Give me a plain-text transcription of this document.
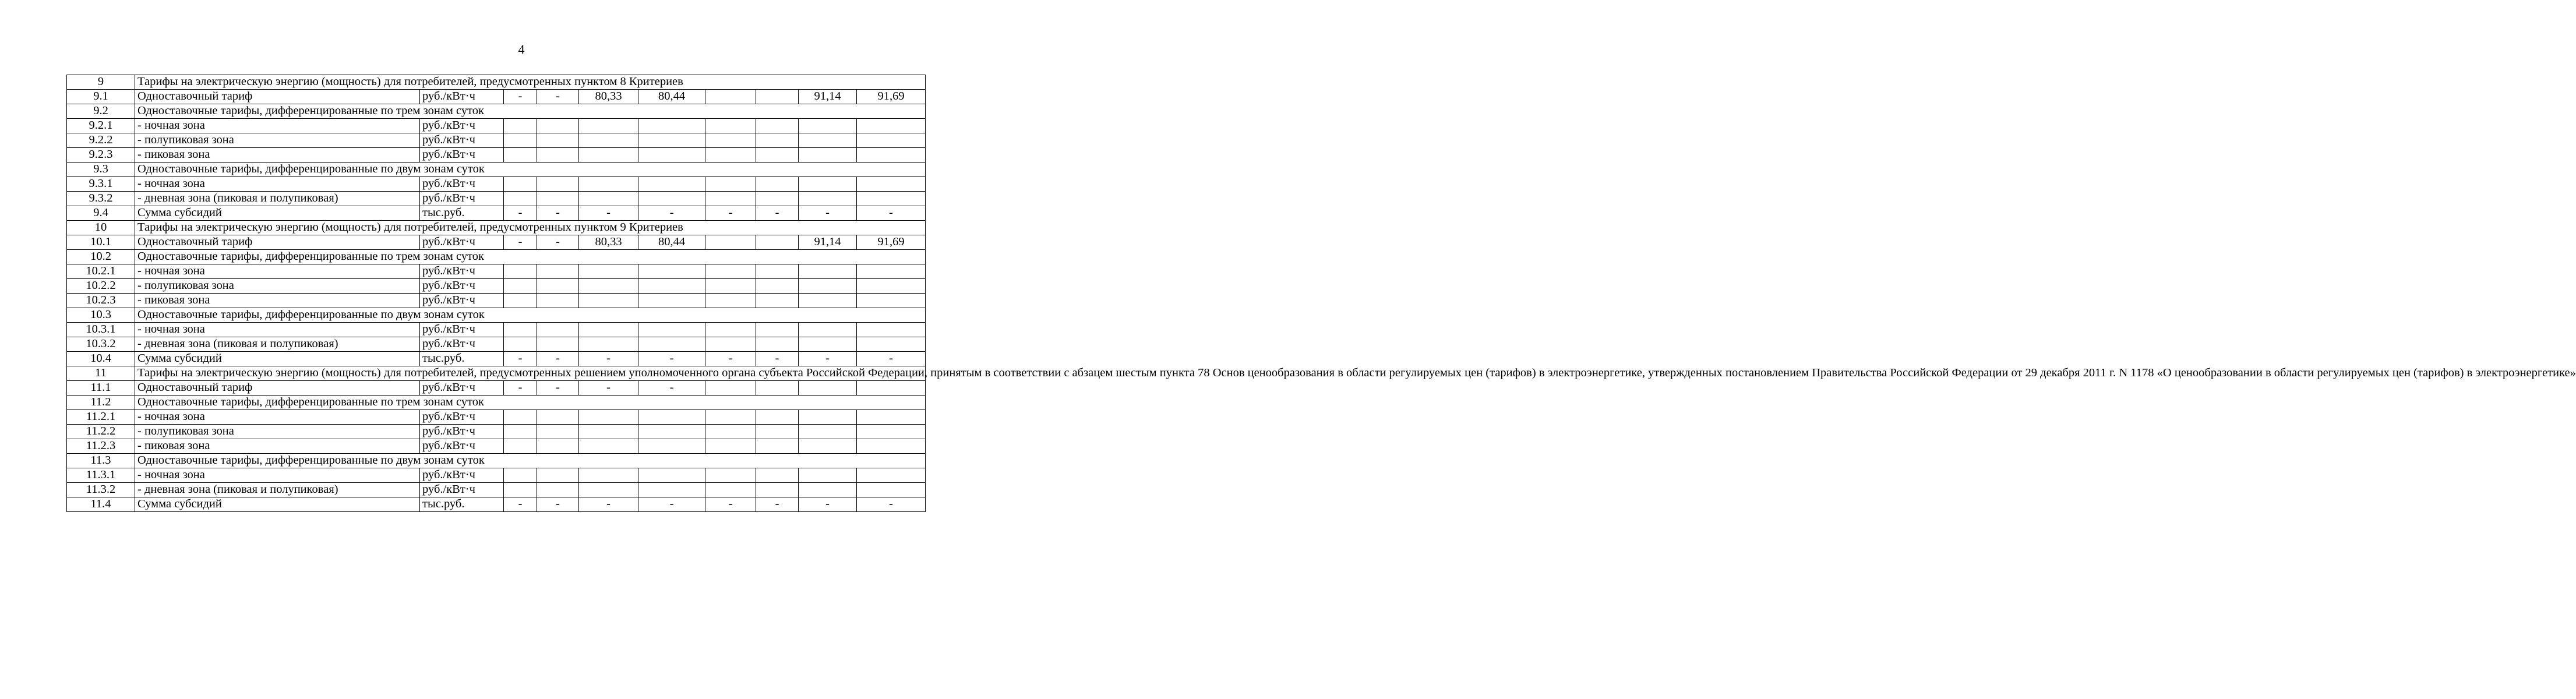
4
9	Тарифы на электрическую энергию (мощность) для потребителей, предусмотренных пунктом 8 Критериев									
9.1	Одноставочный тариф	руб./кВт·ч	-	-	80,33	80,44			91,14	91,69
9.2	Одноставочные тарифы, дифференцированные по трем зонам суток									
9.2.1	- ночная зона	руб./кВт·ч								
9.2.2	- полупиковая зона	руб./кВт·ч								
9.2.3	- пиковая зона	руб./кВт·ч								
9.3	Одноставочные тарифы, дифференцированные по двум зонам суток									
9.3.1	- ночная зона	руб./кВт·ч								
9.3.2	- дневная зона (пиковая и полупиковая)	руб./кВт·ч								
9.4	Сумма субсидий	тыс.руб.	-	-	-	-	-	-	-	-
10	Тарифы на электрическую энергию (мощность) для потребителей, предусмотренных пунктом 9 Критериев									
10.1	Одноставочный тариф	руб./кВт·ч	-	-	80,33	80,44			91,14	91,69
10.2	Одноставочные тарифы, дифференцированные по трем зонам суток									
10.2.1	- ночная зона	руб./кВт·ч								
10.2.2	- полупиковая зона	руб./кВт·ч								
10.2.3	- пиковая зона	руб./кВт·ч								
10.3	Одноставочные тарифы, дифференцированные по двум зонам суток									
10.3.1	- ночная зона	руб./кВт·ч								
10.3.2	- дневная зона (пиковая и полупиковая)	руб./кВт·ч								
10.4	Сумма субсидий	тыс.руб.	-	-	-	-	-	-	-	-
11	Тарифы на электрическую энергию (мощность) для потребителей, предусмотренных решением уполномоченного органа субъекта Российской Федерации, принятым в соответствии с абзацем шестым пункта 78 Основ ценообразования в области регулируемых цен (тарифов) в электроэнергетике, утвержденных постановлением Правительства Российской Федерации от 29 декабря 2011 г. N 1178 «О ценообразовании в области регулируемых цен (тарифов) в электроэнергетике»									
11.1	Одноставочный тариф	руб./кВт·ч	-	-	-	-				
11.2	Одноставочные тарифы, дифференцированные по трем зонам суток									
11.2.1	- ночная зона	руб./кВт·ч								
11.2.2	- полупиковая зона	руб./кВт·ч								
11.2.3	- пиковая зона	руб./кВт·ч								
11.3	Одноставочные тарифы, дифференцированные по двум зонам суток									
11.3.1	- ночная зона	руб./кВт·ч								
11.3.2	- дневная зона (пиковая и полупиковая)	руб./кВт·ч								
11.4	Сумма субсидий	тыс.руб.	-	-	-	-	-	-	-	-
